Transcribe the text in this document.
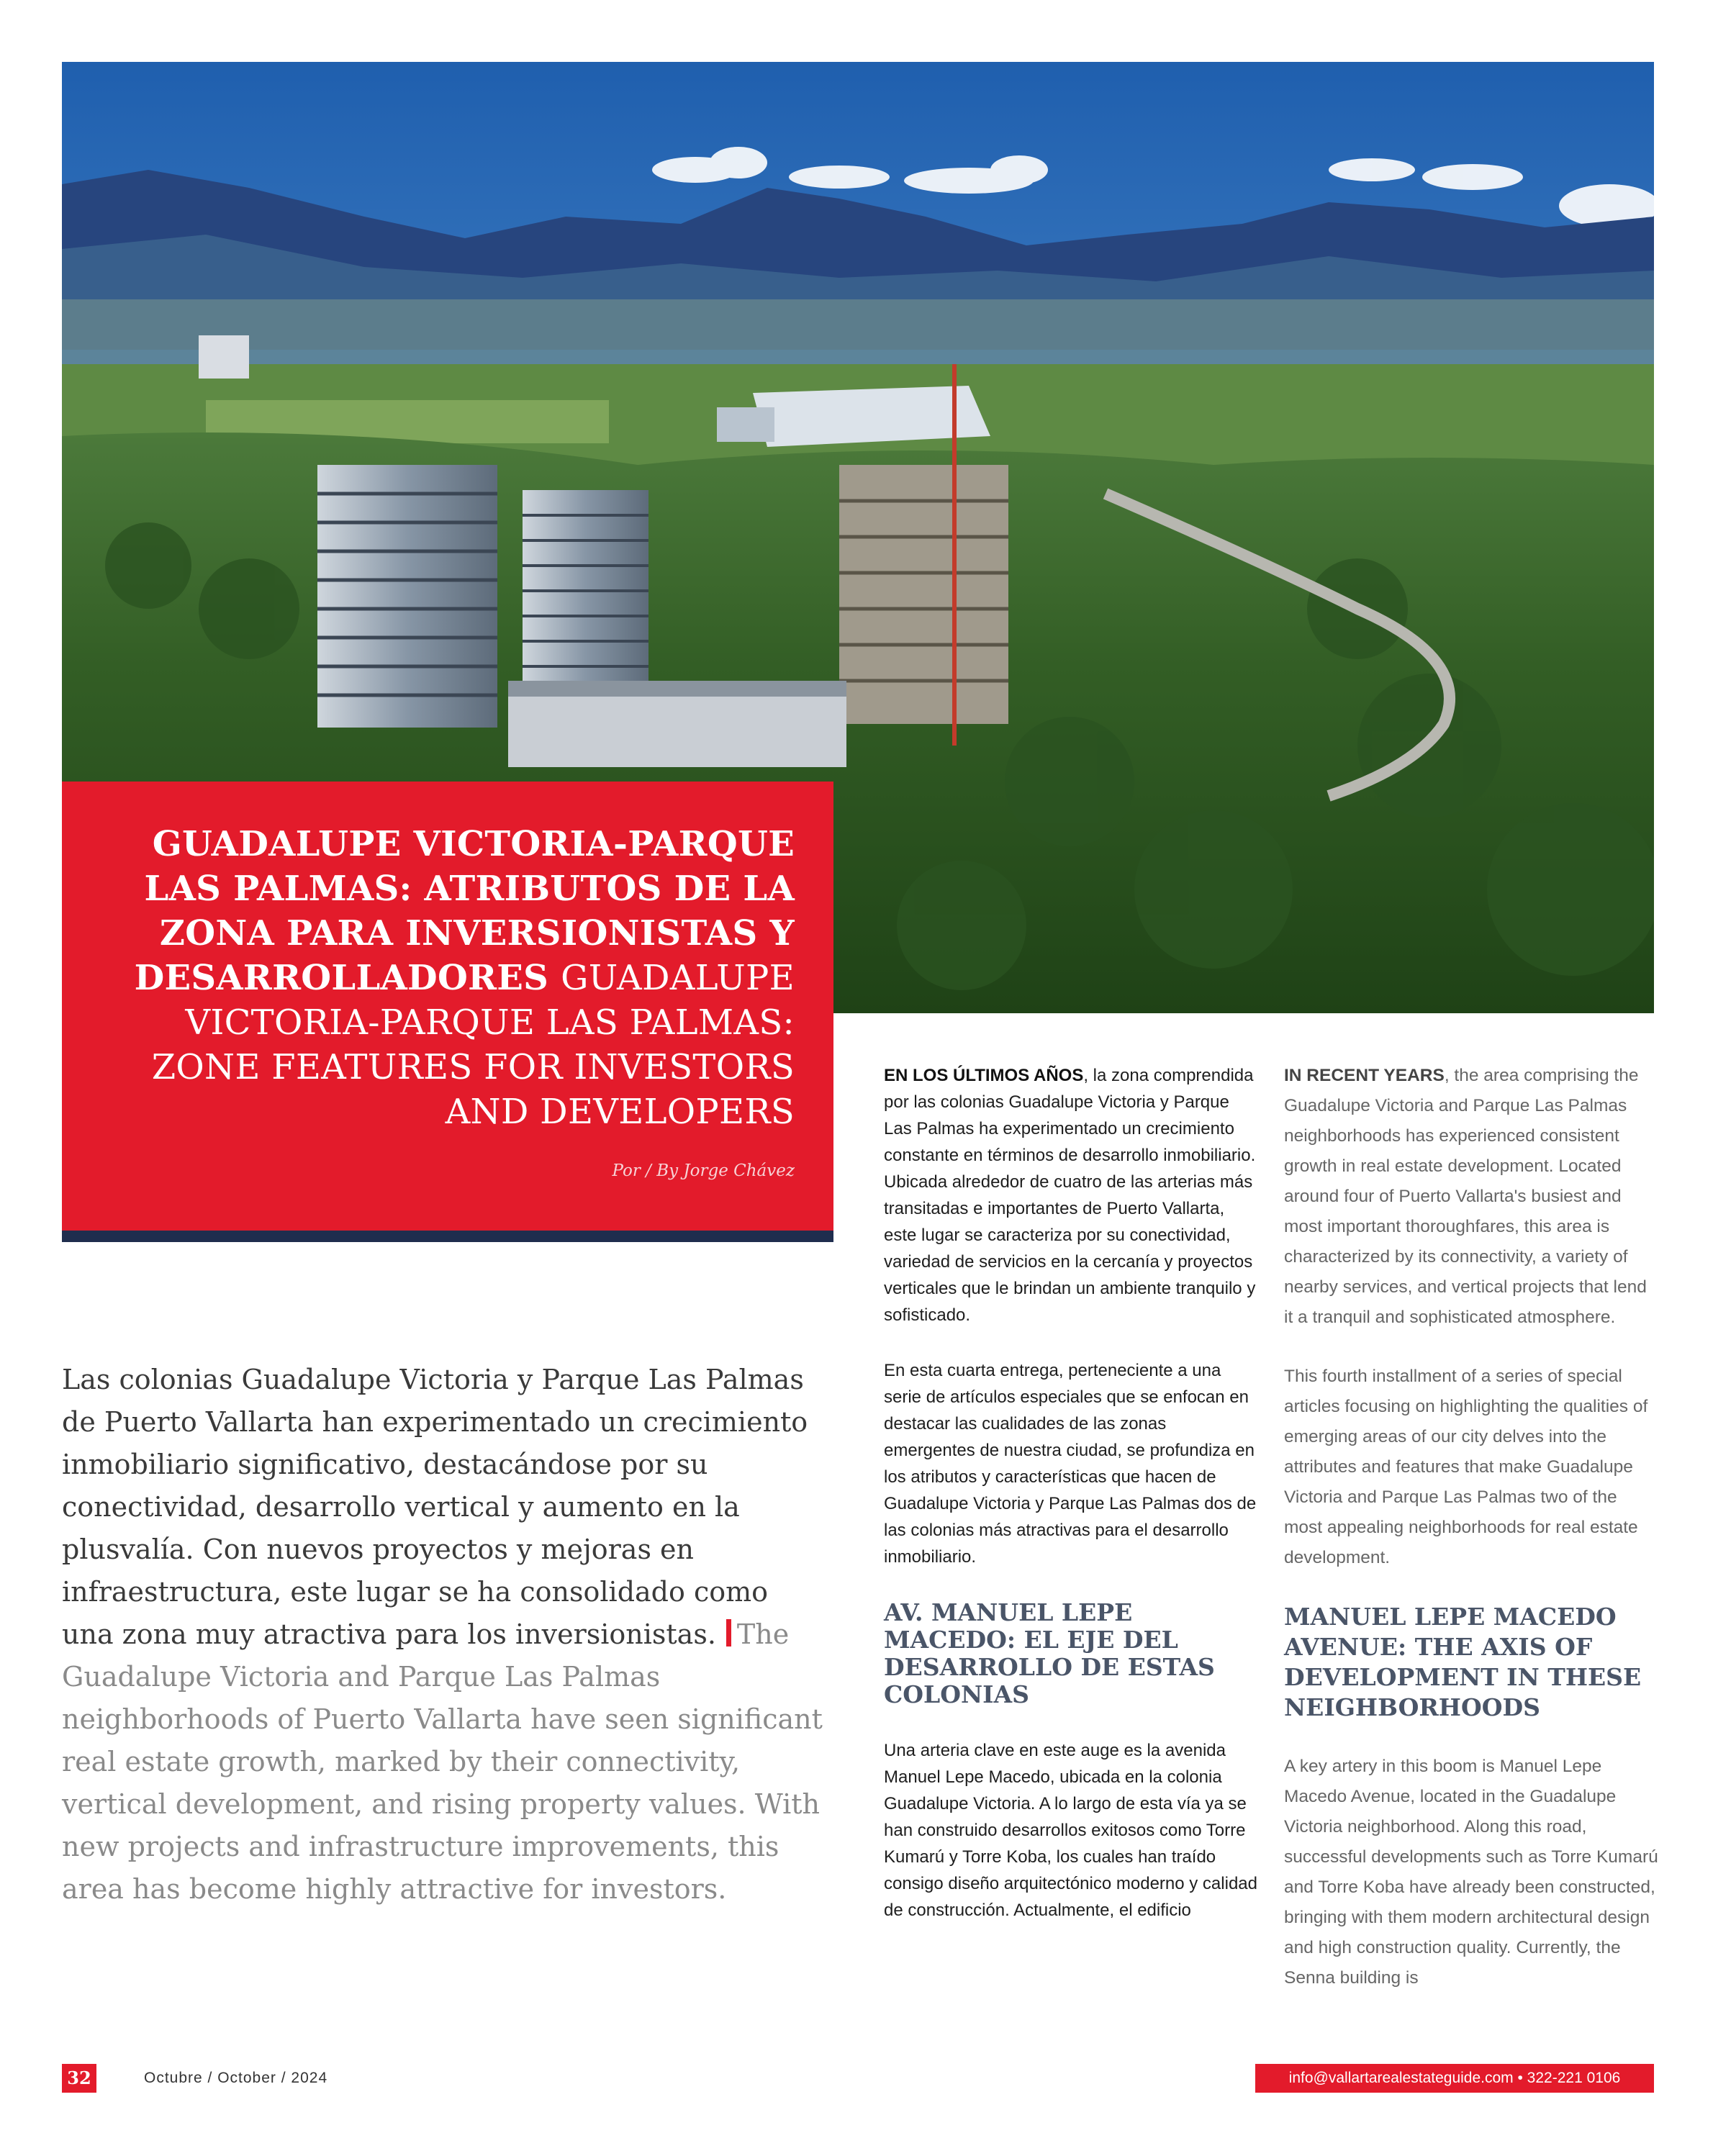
GUADALUPE VICTORIA-PARQUE LAS PALMAS: ATRIBUTOS DE LA ZONA PARA INVERSIONISTAS Y DESARROLLADORES GUADALUPE VICTORIA-PARQUE LAS PALMAS: ZONE FEATURES FOR INVESTORS AND DEVELOPERS
Por / By Jorge Chávez

Las colonias Guadalupe Victoria y Parque Las Palmas de Puerto Vallarta han experimentado un crecimiento inmobiliario significativo, destacándose por su conectividad, desarrollo vertical y aumento en la plusvalía. Con nuevos proyectos y mejoras en infraestructura, este lugar se ha consolidado como una zona muy atractiva para los inversionistas. The Guadalupe Victoria and Parque Las Palmas neighborhoods of Puerto Vallarta have seen significant real estate growth, marked by their connectivity, vertical development, and rising property values. With new projects and infrastructure improvements, this area has become highly attractive for investors.

EN LOS ÚLTIMOS AÑOS, la zona comprendida por las colonias Guadalupe Victoria y Parque Las Palmas ha experimentado un crecimiento constante en términos de desarrollo inmobiliario. Ubicada alrededor de cuatro de las arterias más transitadas e importantes de Puerto Vallarta, este lugar se caracteriza por su conectividad, variedad de servicios en la cercanía y proyectos verticales que le brindan un ambiente tranquilo y sofisticado.

En esta cuarta entrega, perteneciente a una serie de artículos especiales que se enfocan en destacar las cualidades de las zonas emergentes de nuestra ciudad, se profundiza en los atributos y características que hacen de Guadalupe Victoria y Parque Las Palmas dos de las colonias más atractivas para el desarrollo inmobiliario.

AV. MANUEL LEPE MACEDO: EL EJE DEL DESARROLLO DE ESTAS COLONIAS

Una arteria clave en este auge es la avenida Manuel Lepe Macedo, ubicada en la colonia Guadalupe Victoria. A lo largo de esta vía ya se han construido desarrollos exitosos como Torre Kumarú y Torre Koba, los cuales han traído consigo diseño arquitectónico moderno y calidad de construcción. Actualmente, el edificio

IN RECENT YEARS, the area comprising the Guadalupe Victoria and Parque Las Palmas neighborhoods has experienced consistent growth in real estate development. Located around four of Puerto Vallarta's busiest and most important thoroughfares, this area is characterized by its connectivity, a variety of nearby services, and vertical projects that lend it a tranquil and sophisticated atmosphere.

This fourth installment of a series of special articles focusing on highlighting the qualities of emerging areas of our city delves into the attributes and features that make Guadalupe Victoria and Parque Las Palmas two of the most appealing neighborhoods for real estate development.

MANUEL LEPE MACEDO AVENUE: THE AXIS OF DEVELOPMENT IN THESE NEIGHBORHOODS

A key artery in this boom is Manuel Lepe Macedo Avenue, located in the Guadalupe Victoria neighborhood. Along this road, successful developments such as Torre Kumarú and Torre Koba have already been constructed, bringing with them modern architectural design and high construction quality. Currently, the Senna building is

32	Octubre / October / 2024	info@vallartarealestateguide.com • 322-221 0106
